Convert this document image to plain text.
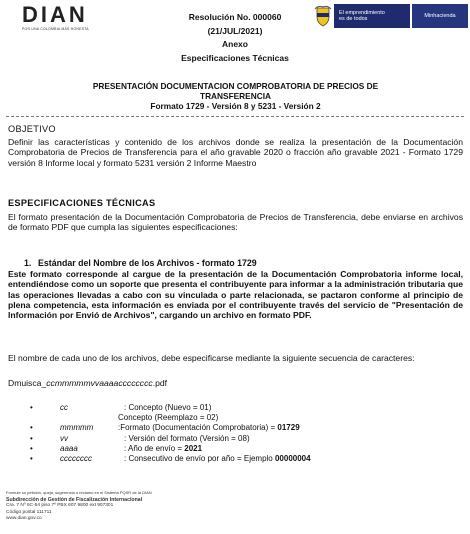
DIAN
POR UNA COLOMBIA MÁS HONESTA
Resolución No. 000060
(21/JUL/2021)
Anexo
Especificaciones Técnicas
El emprendimiento
es de todos	Minhacienda
PRESENTACIÓN DOCUMENTACION COMPROBATORIA DE PRECIOS DE
TRANSFERENCIA
Formato 1729 - Versión 8 y 5231 - Versión 2
OBJETIVO
Definir las características y contenido de los archivos donde se realiza la presentación de la Documentación Comprobatoria de Precios de Transferencia para el año gravable 2020 o fracción año gravable 2021 - Formato 1729 versión 8 Informe local y formato 5231 versión 2 Informe Maestro
ESPECIFICACIONES TÉCNICAS
El formato presentación de la Documentación Comprobatoria de Precios de Transferencia, debe enviarse en archivos de formato PDF que cumpla las siguientes especificaciones:
1. Estándar del Nombre de los Archivos - formato 1729
Este formato corresponde al cargue de la presentación de la Documentación Comprobatoria informe local, entendiéndose como un soporte que presenta el contribuyente para informar a la administración tributaria que las operaciones llevadas a cabo con su vinculada o parte relacionada, se pactaron conforme al principio de plena competencia, esta información es enviada por el contribuyente través del servicio de "Presentación de Información por Envió de Archivos", cargando un archivo en formato PDF.
El nombre de cada uno de los archivos, debe especificarse mediante la siguiente secuencia de caracteres:
Dmuisca_ccmmmmmvvaaaacccccccc.pdf
•	cc	: Concepto (Nuevo = 01)
Concepto (Reemplazo = 02)
•	mmmmm	:Formato (Documentación Comprobatoria) = 01729
•	vv	: Versión del formato (Versión = 08)
•	aaaa	: Año de envío = 2021
•	cccccccc	: Consecutivo de envío por año = Ejemplo 00000004
Formule su petición, queja, sugerencia o reclamo en el Sistema PQSR de la DIAN
Subdirección de Gestión de Fiscalización Internacional
Cra. 7 Nº 6C-54 piso 7º PBX 607 9800 ext 907301
Código postal 111711
www.dian.gov.co
